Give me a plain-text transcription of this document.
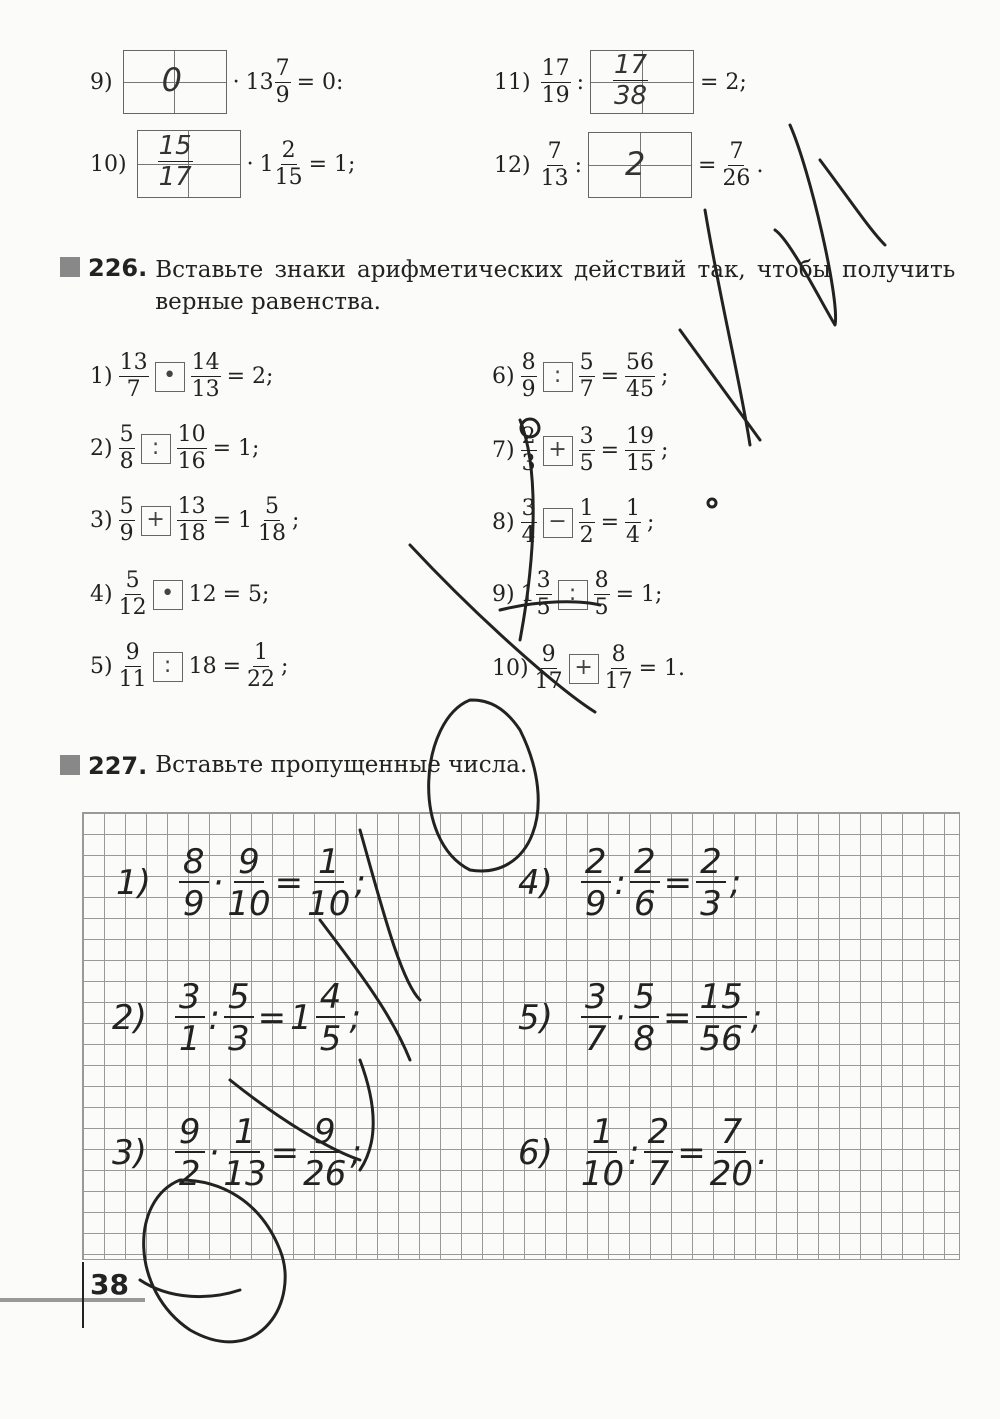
9) 0 · 13
7
9
= 0:
10)
15
17 · 1
2
15
= 1;
11)
17
19
:
17
38 = 2;
12)
7
13
: $2 = \frac{7}{26}$ .
226. Вставьте знаки арифметических действий так, чтобы получить верные равенства.
1)
13
7
• $\frac{14}{13} = 2$;
2)
5
8
: $\frac{10}{16} = 1$;
3)
5
9
+ $\frac{13}{18} = 1$
5
18
;
4)
5
12
• 12 = 5;
5)
9
11
: $18 = \frac{1}{22}$ ;
6)
8
9
: $\frac{5}{7} = \frac{56}{45}$ ;
7)
2
3
+ $\frac{3}{5} = \frac{19}{15}$ ;
8)
3
4
− $\frac{1}{2} = \frac{1}{4}$ ;
9) 1
3
5
: $\frac{8}{5} = 1$;
10)
9
17
+ $\frac{8}{17} = 1$.
227. Вставьте пропущенные числа.
1)
8
9
· $\frac{9}{10} = \frac{1}{10}$ ;
2)
3
1
: $\frac{5}{3} = 1$
4
5
;
3)
9
2
· $\frac{1}{13} = \frac{9}{26}$ ;
4)
2
9
: $\frac{2}{6} = \frac{2}{3}$ ;
5)
3
7
· $\frac{5}{8} = \frac{15}{56}$ ;
6)
1
10
: $\frac{2}{7} = \frac{7}{20}$ .
38
